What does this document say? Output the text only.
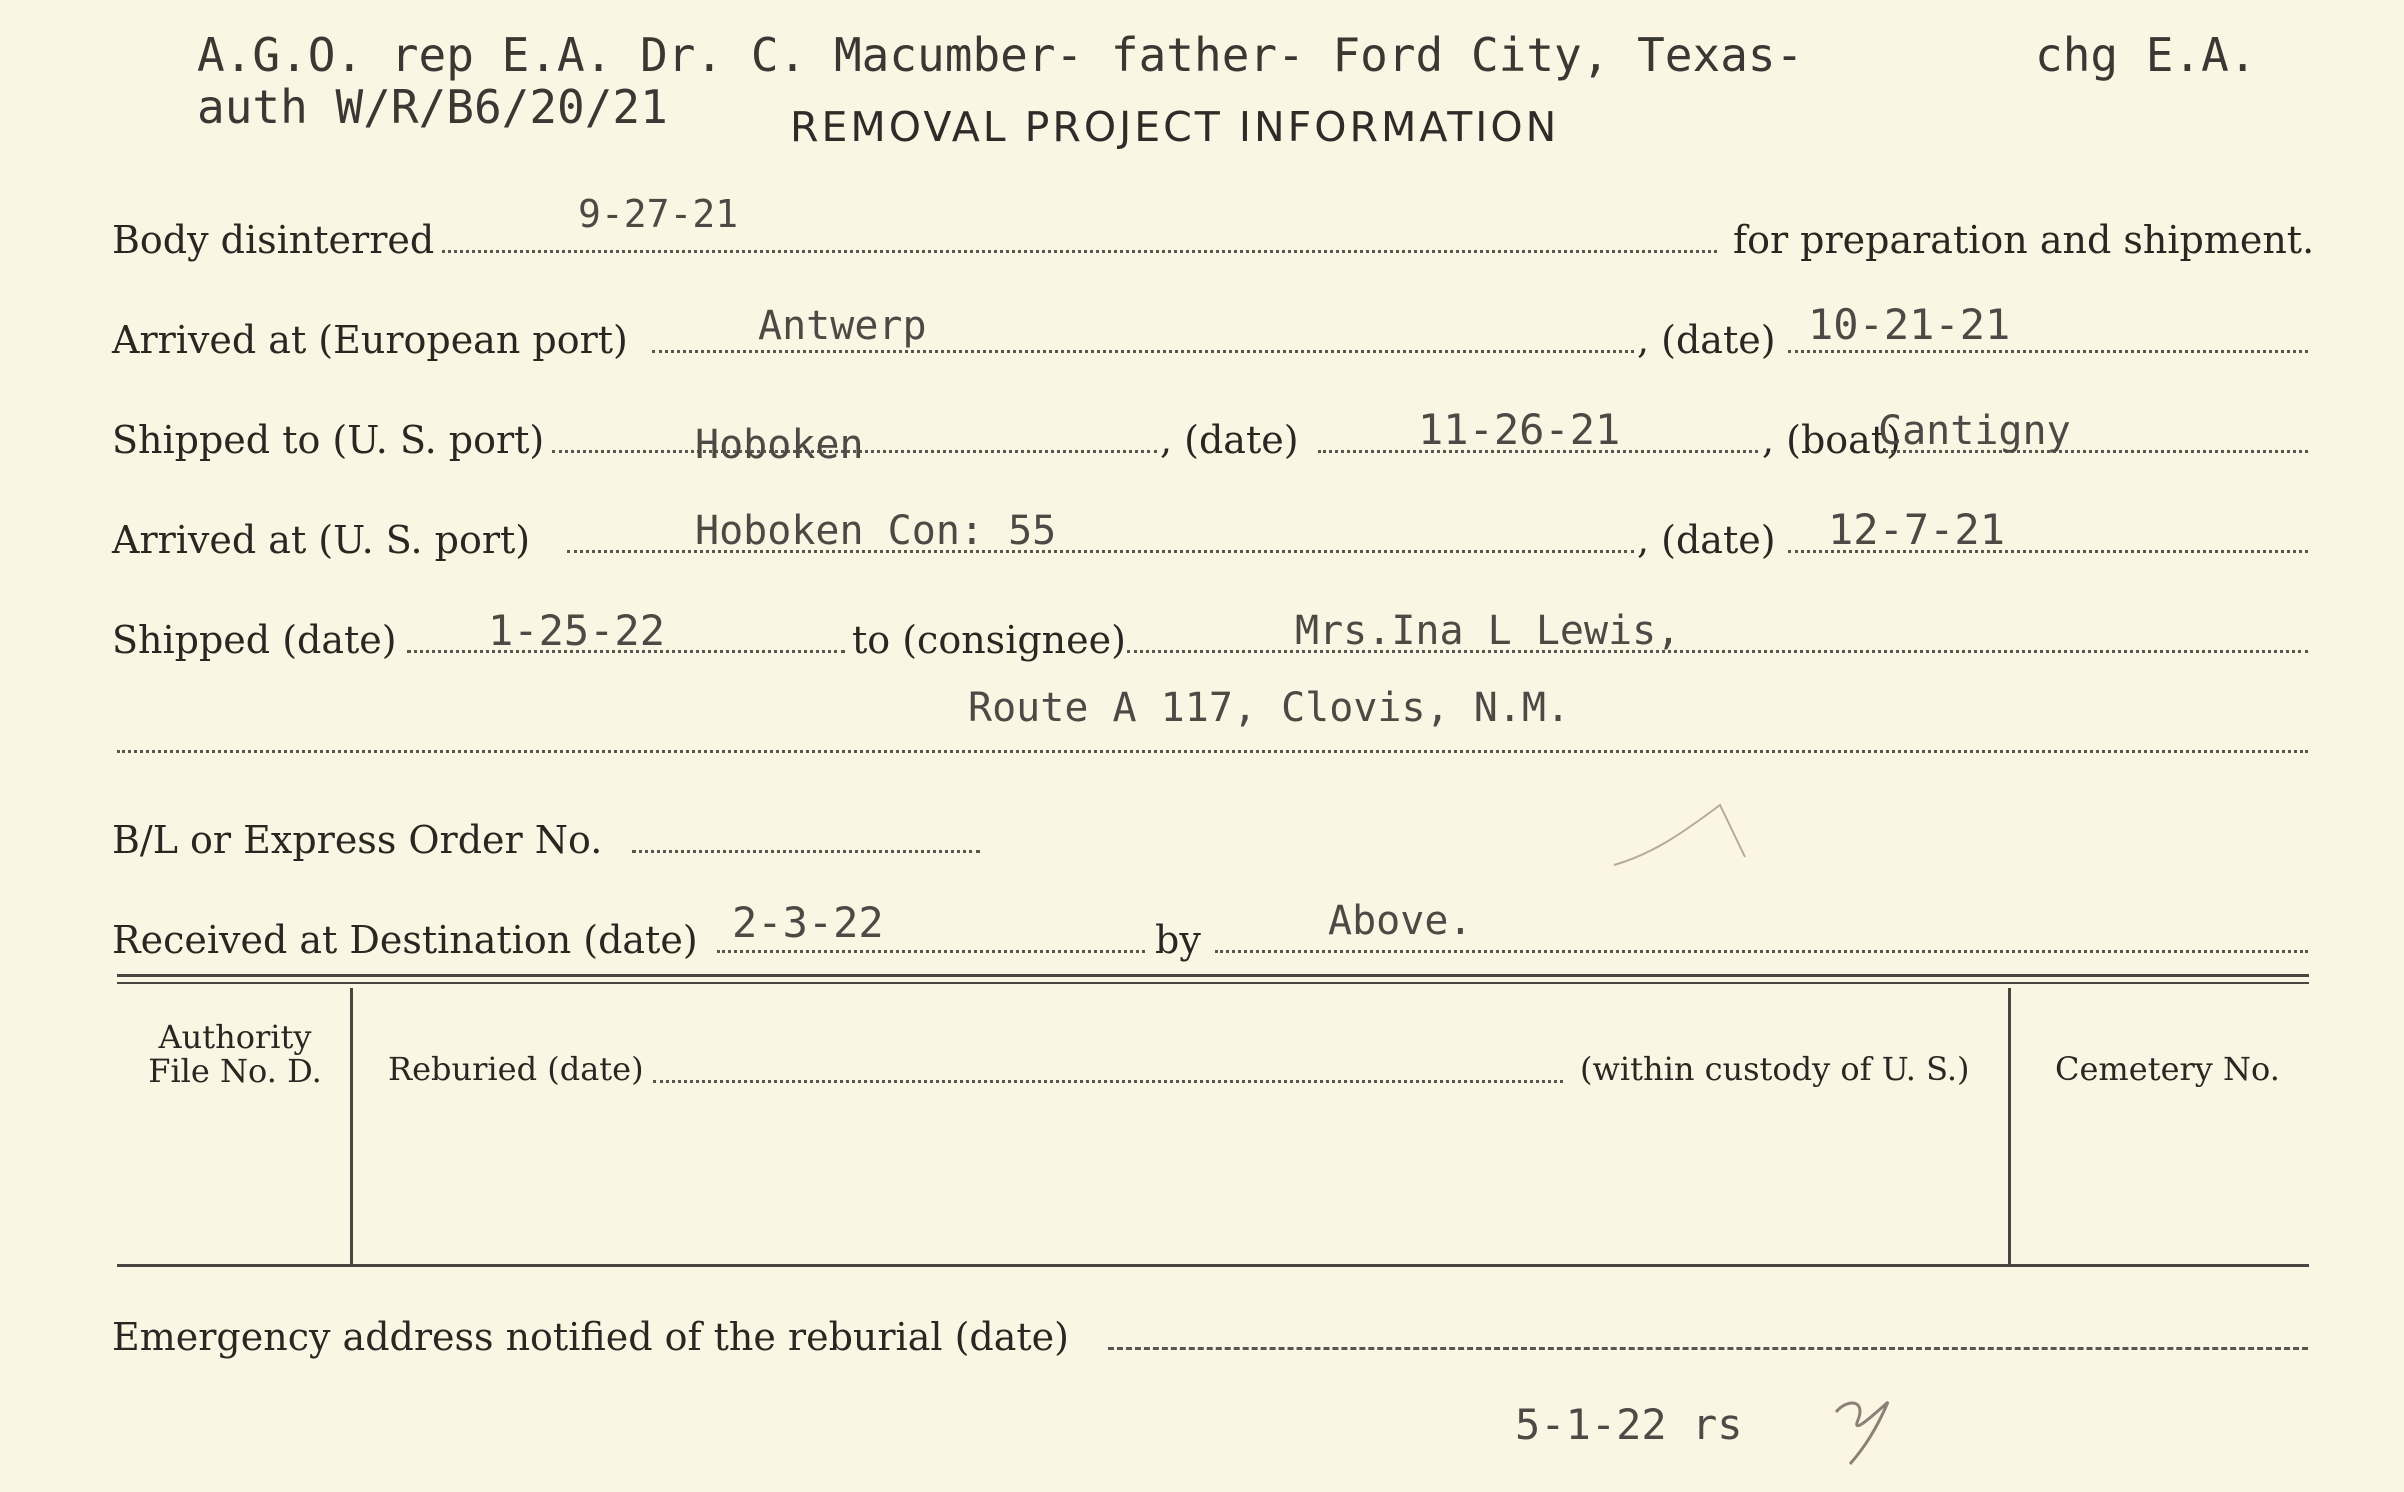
A.G.O. rep E.A. Dr. C. Macumber- father- Ford City, Texas-	chg E.A.
auth W/R/B6/20/21	REMOVAL PROJECT INFORMATION
Body disinterred
9-27-21
for preparation and shipment.
Arrived at (European port)	Antwerp	, (date) 10-21-21
Shipped to (U. S. port)	Hoboken	, (date)	11-26-21	, (boat)
Cantigny
Arrived at (U. S. port)	Hoboken Con: 55	, (date) 12-7-21
Shipped (date) 1-25-22	to (consignee)	Mrs.Ina L Lewis,
Route A 117, Clovis, N.M.
B/L or Express Order No.
Received at Destination (date) 2-3-22	by	Above.
Authority
File No. D.	Reburied (date)	(within custody of U. S.)	Cemetery No.
Emergency address notified of the reburial (date)
5-1-22 rs
